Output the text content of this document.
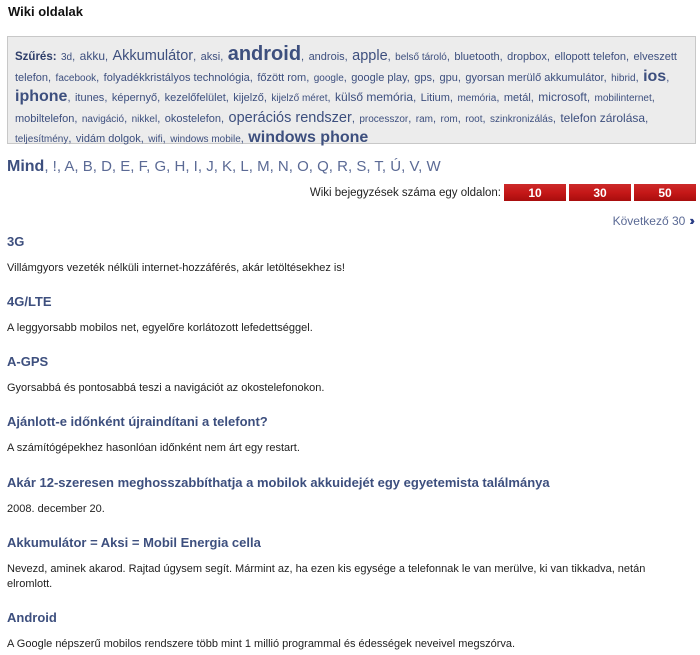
Wiki oldalak
Szűrés: 3d, akku, Akkumulátor, aksi, android, androis, apple, belső tároló, bluetooth, dropbox, ellopott telefon, elveszett telefon, facebook, folyadékkristályos technológia, főzött rom, google, google play, gps, gpu, gyorsan merülő akkumulátor, hibrid, ios, iphone, itunes, képernyő, kezelőfelület, kijelző, kijelző méret, külső memória, Litium, memória, metál, microsoft, mobilinternet, mobiltelefon, navigáció, nikkel, okostelefon, operációs rendszer, processzor, ram, rom, root, szinkronizálás, telefon zárolása, teljesítmény, vidám dolgok, wifi, windows mobile, windows phone
Mind, !, A, B, D, E, F, G, H, I, J, K, L, M, N, O, Q, R, S, T, Ú, V, W
Wiki bejegyzések száma egy oldalon:	10	30	50
Következő 30 ››
3G
Villámgyors vezeték nélküli internet-hozzáférés, akár letöltésekhez is!
4G/LTE
A leggyorsabb mobilos net, egyelőre korlátozott lefedettséggel.
A-GPS
Gyorsabbá és pontosabbá teszi a navigációt az okostelefonokon.
Ajánlott-e időnként újraindítani a telefont?
A számítógépekhez hasonlóan időnként nem árt egy restart.
Akár 12-szeresen meghosszabbíthatja a mobilok akkuidejét egy egyetemista találmánya
2008. december 20.
Akkumulátor = Aksi = Mobil Energia cella
Nevezd, aminek akarod. Rajtad úgysem segít. Mármint az, ha ezen kis egysége a telefonnak le van merülve, ki van tikkadva, netán elromlott.
Android
A Google népszerű mobilos rendszere több mint 1 millió programmal és édességek neveivel megszórva.
